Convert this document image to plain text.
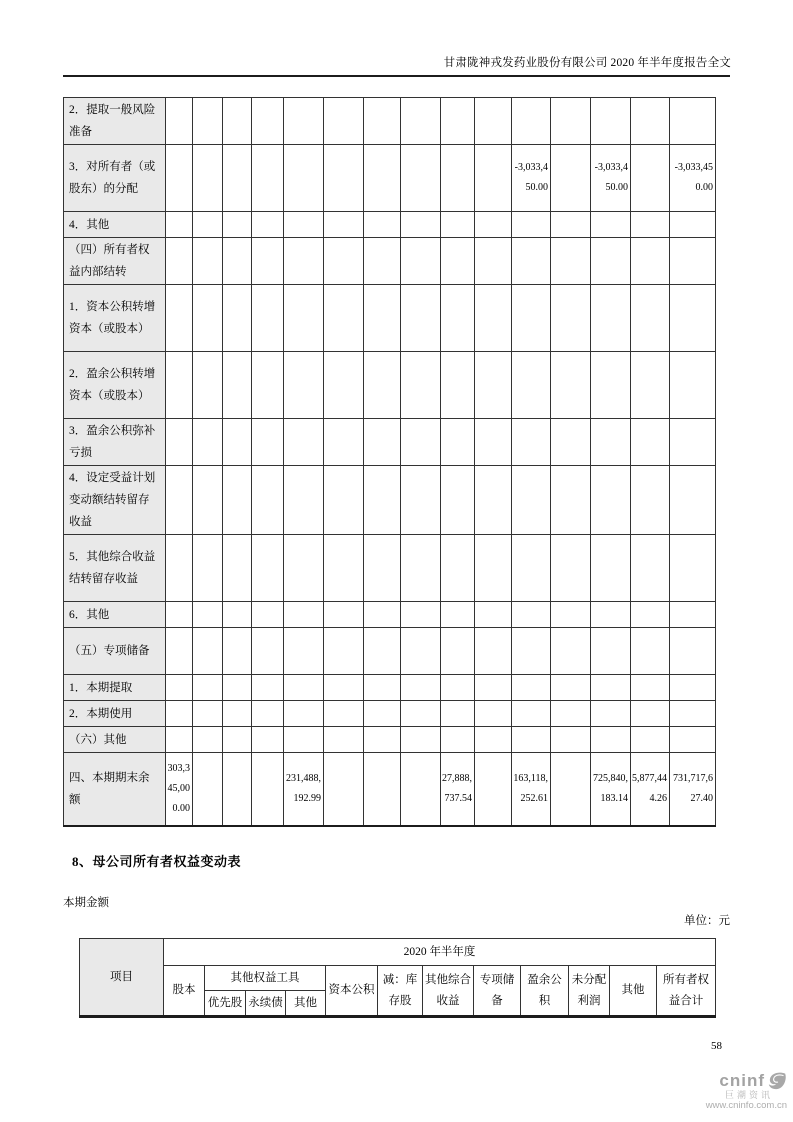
甘肃陇神戎发药业股份有限公司 2020 年半年度报告全文
2．提取一般风险准备															
3．对所有者（或股东）的分配											-3,033,450.00		-3,033,450.00		-3,033,450.00
4．其他															
（四）所有者权益内部结转															
1．资本公积转增资本（或股本）															
2．盈余公积转增资本（或股本）															
3．盈余公积弥补亏损															
4．设定受益计划变动额结转留存收益															
5．其他综合收益结转留存收益															
6．其他															
（五）专项储备															
1．本期提取															
2．本期使用															
（六）其他															
四、本期期末余额	303,345,000.00				231,488,192.99				27,888,737.54		163,118,252.61		725,840,183.14	5,877,444.26	731,717,627.40
8、母公司所有者权益变动表
本期金额
单位：元
项目	2020 年半年度											
	股本	其他权益工具			资本公积	减：库存股	其他综合收益	专项储备	盈余公积	未分配利润	其他	所有者权益合计
		优先股	永续债	其他								
58
cninf
巨潮资讯
www.cninfo.com.cn
